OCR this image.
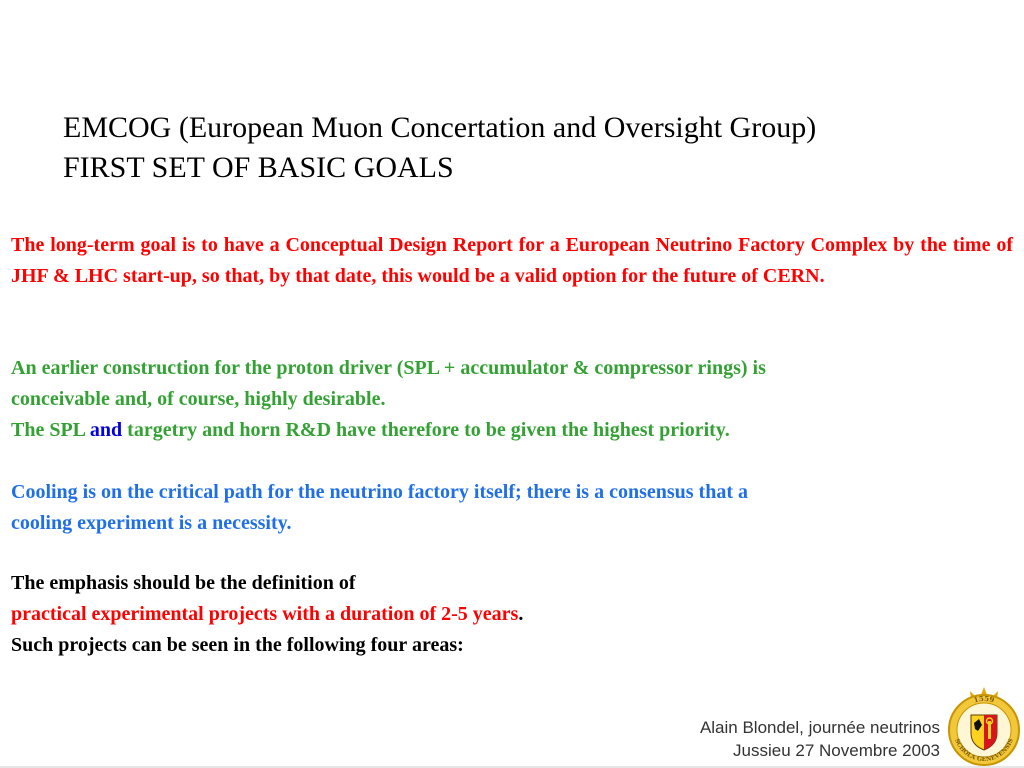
EMCOG (European Muon Concertation and Oversight Group)
FIRST SET OF BASIC GOALS

The long-term goal is to have a Conceptual Design Report for a European Neutrino Factory Complex by the time of JHF & LHC start-up, so that, by that date, this would be a valid option for the future of CERN.

An earlier construction for the proton driver (SPL + accumulator & compressor rings) is
conceivable and, of course, highly desirable.
The SPL and targetry and horn R&D have therefore to be given the highest priority.
Cooling is on the critical path for the neutrino factory itself; there is a consensus that a
cooling experiment is a necessity.
The emphasis should be the definition of
practical experimental projects with a duration of 2-5 years.
Such projects can be seen in the following four areas:
Alain Blondel, journée neutrinos
Jussieu 27 Novembre 2003
1559
SCHOLA GENEVENSIS
